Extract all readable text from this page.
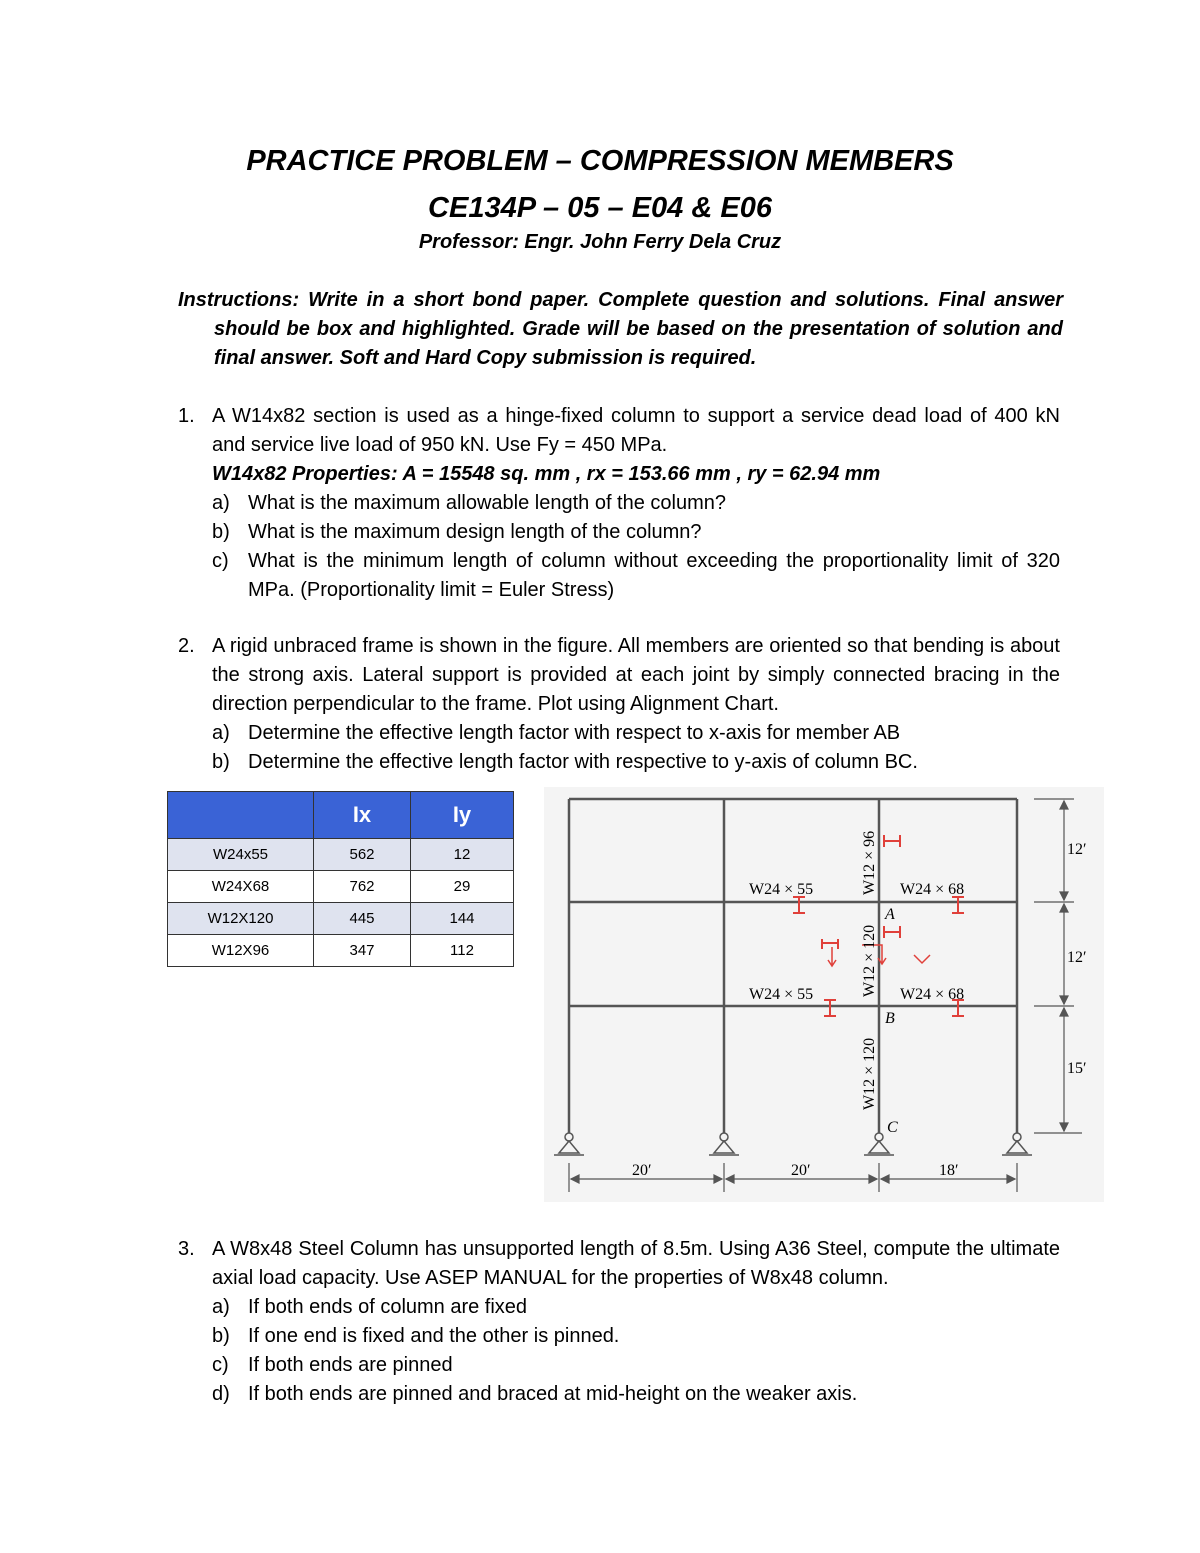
PRACTICE PROBLEM – COMPRESSION MEMBERS
CE134P – 05 – E04 & E06
Professor: Engr. John Ferry Dela Cruz
Instructions: Write in a short bond paper. Complete question and solutions. Final answer should be box and highlighted. Grade will be based on the presentation of solution and final answer. Soft and Hard Copy submission is required.
1. A W14x82 section is used as a hinge-fixed column to support a service dead load of 400 kN and service live load of 950 kN. Use Fy = 450 MPa.
W14x82 Properties: A = 15548 sq. mm , rx = 153.66 mm , ry = 62.94 mm
a) What is the maximum allowable length of the column?
b) What is the maximum design length of the column?
c) What is the minimum length of column without exceeding the proportionality limit of 320 MPa. (Proportionality limit = Euler Stress)
2. A rigid unbraced frame is shown in the figure. All members are oriented so that bending is about the strong axis. Lateral support is provided at each joint by simply connected bracing in the direction perpendicular to the frame. Plot using Alignment Chart.
a) Determine the effective length factor with respect to x-axis for member AB
b) Determine the effective length factor with respective to y-axis of column BC.
	Ix	Iy
W24x55	562	12
W24X68	762	29
W12X120	445	144
W12X96	347	112
W24 × 55	W24 × 68
W24 × 55	W24 × 68
W12 × 96
W12 × 120
W12 × 120
A
B
C
12′
12′
15′
20′	20′	18′
3. A W8x48 Steel Column has unsupported length of 8.5m. Using A36 Steel, compute the ultimate axial load capacity. Use ASEP MANUAL for the properties of W8x48 column.
a) If both ends of column are fixed
b) If one end is fixed and the other is pinned.
c) If both ends are pinned
d) If both ends are pinned and braced at mid-height on the weaker axis.
